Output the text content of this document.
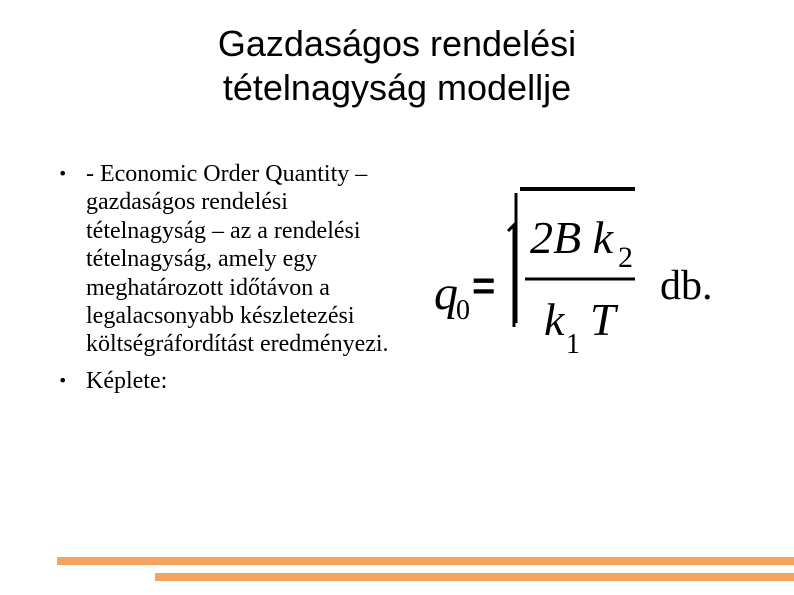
Gazdaságos rendelési
tételnagyság modellje
• - Economic Order Quantity – gazdaságos rendelési tételnagyság – az a rendelési tételnagyság, amely egy meghatározott időtávon a legalacsonyabb készletezési költségráfordítást eredményezi.
• Képlete:
q
0
=
2B k 2
k 1 T
db.
